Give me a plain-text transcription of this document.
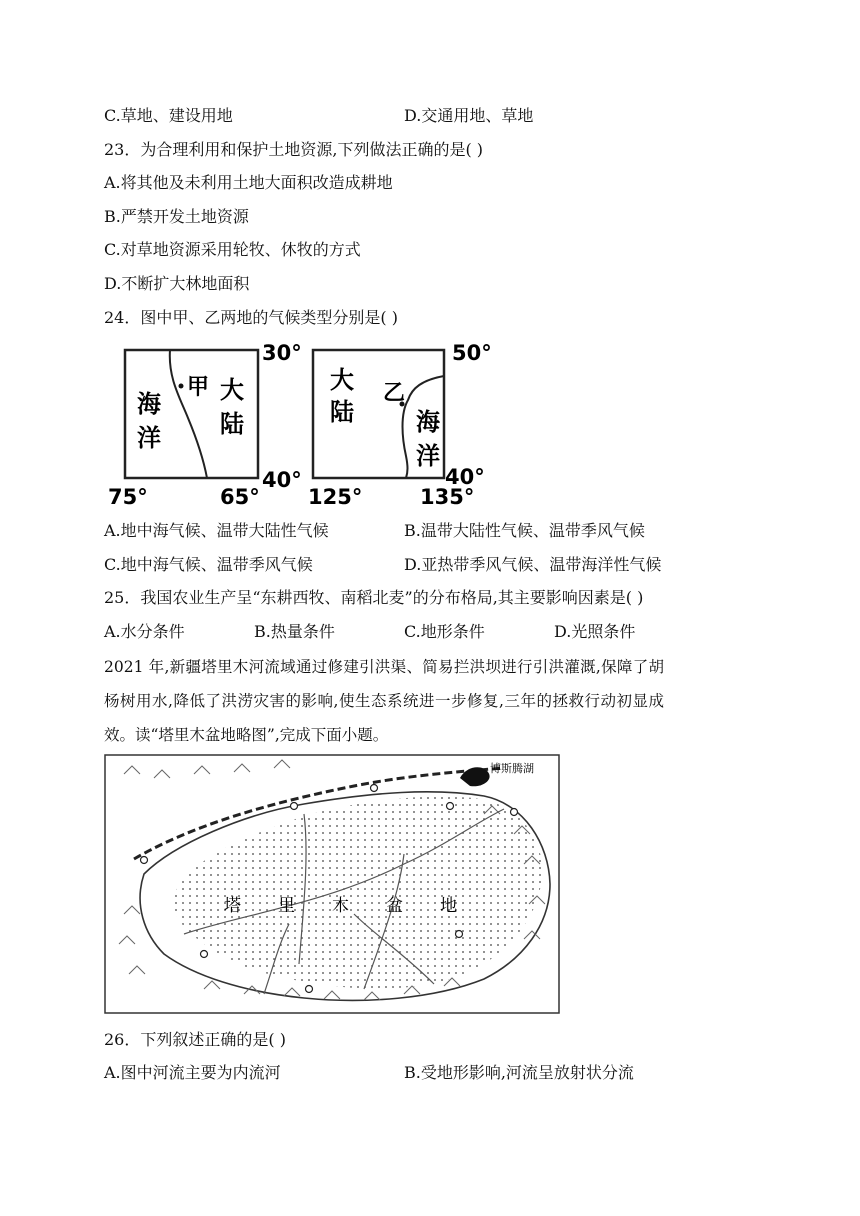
C.草地、建设用地	D.交通用地、草地
23．为合理利用和保护土地资源,下列做法正确的是( )
A.将其他及未利用土地大面积改造成耕地
B.严禁开发土地资源
C.对草地资源采用轮牧、休牧的方式
D.不断扩大林地面积
24．图中甲、乙两地的气候类型分别是( )
30°
40°
75°	65°
海
洋
甲 大
陆
50°
40°
125°	135°
大
陆
乙
海
洋
A.地中海气候、温带大陆性气候	B.温带大陆性气候、温带季风气候
C.地中海气候、温带季风气候	D.亚热带季风气候、温带海洋性气候
25．我国农业生产呈“东耕西牧、南稻北麦”的分布格局,其主要影响因素是( )
A.水分条件	B.热量条件	C.地形条件	D.光照条件
2021 年,新疆塔里木河流域通过修建引洪渠、简易拦洪坝进行引洪灌溉,保障了胡杨树用水,降低了洪涝灾害的影响,使生态系统进一步修复,三年的拯救行动初显成效。读“塔里木盆地略图”,完成下面小题。
博斯腾湖
塔　　里　　木　　盆　　地
26．下列叙述正确的是( )
A.图中河流主要为内流河	B.受地形影响,河流呈放射状分流
